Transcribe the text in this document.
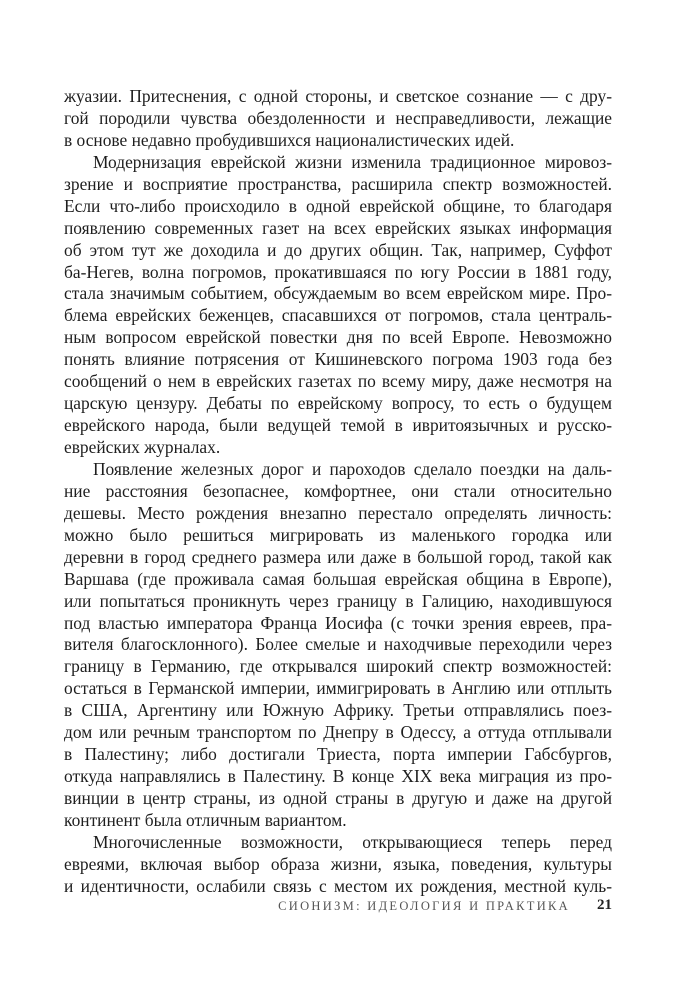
жуазии. Притеснения, с одной стороны, и светское сознание — с дру-
гой породили чувства обездоленности и несправедливости, лежащие
в основе недавно пробудившихся националистических идей.
Модернизация еврейской жизни изменила традиционное мировоз-
зрение и восприятие пространства, расширила спектр возможностей.
Если что-либо происходило в одной еврейской общине, то благодаря
появлению современных газет на всех еврейских языках информация
об этом тут же доходила и до других общин. Так, например, Суффот
ба-Негев, волна погромов, прокатившаяся по югу России в 1881 году,
стала значимым событием, обсуждаемым во всем еврейском мире. Про-
блема еврейских беженцев, спасавшихся от погромов, стала централь-
ным вопросом еврейской повестки дня по всей Европе. Невозможно
понять влияние потрясения от Кишиневского погрома 1903 года без
сообщений о нем в еврейских газетах по всему миру, даже несмотря на
царскую цензуру. Дебаты по еврейскому вопросу, то есть о будущем
еврейского народа, были ведущей темой в ивритоязычных и русско-
еврейских журналах.
Появление железных дорог и пароходов сделало поездки на даль-
ние расстояния безопаснее, комфортнее, они стали относительно
дешевы. Место рождения внезапно перестало определять личность:
можно было решиться мигрировать из маленького городка или
деревни в город среднего размера или даже в большой город, такой как
Варшава (где проживала самая большая еврейская община в Европе),
или попытаться проникнуть через границу в Галицию, находившуюся
под властью императора Франца Иосифа (с точки зрения евреев, пра-
вителя благосклонного). Более смелые и находчивые переходили через
границу в Германию, где открывался широкий спектр возможностей:
остаться в Германской империи, иммигрировать в Англию или отплыть
в США, Аргентину или Южную Африку. Третьи отправлялись поез-
дом или речным транспортом по Днепру в Одессу, а оттуда отплывали
в Палестину; либо достигали Триеста, порта империи Габсбургов,
откуда направлялись в Палестину. В конце XIX века миграция из про-
винции в центр страны, из одной страны в другую и даже на другой
континент была отличным вариантом.
Многочисленные возможности, открывающиеся теперь перед
евреями, включая выбор образа жизни, языка, поведения, культуры
и идентичности, ослабили связь с местом их рождения, местной куль-
СИОНИЗМ: ИДЕОЛОГИЯ И ПРАКТИКА 21
